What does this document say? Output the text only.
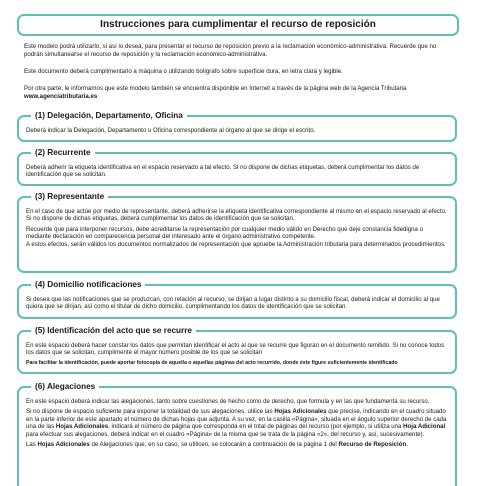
Instrucciones para cumplimentar el recurso de reposición

Este modelo podrá utilizarlo, si así lo desea, para presentar el recurso de reposición previo a la reclamación económico-administrativa. Recuerde que no podrán simultanearse el recurso de reposición y la reclamación económico-administrativa.

Este documento deberá cumplimentarlo a máquina o utilizando bolígrafo sobre superficie dura, en letra clara y legible.

Por otra parte, le informamos que este modelo también se encuentra disponible en Internet a través de la página web de la Agencia Tributaria www.agenciatributaria.es

(1) Delegación, Departamento, Oficina

Deberá indicar la Delegación, Departamento u Oficina correspondiente al órgano al que se dirige el escrito.

(2) Recurrente

Deberá adherir la etiqueta identificativa en el espacio reservado a tal efecto. Si no dispone de dichas etiquetas, deberá cumplimentar los datos de identificación que se solicitan.

(3) Representante

En el caso de que actúe por medio de representante, deberá adherirse la etiqueta identificativa correspondiente al mismo en el espacio reservado al efecto. Si no dispone de dichas etiquetas, deberá cumplimentar los datos de identificación que se solicitan.

Recuerde que para interponer recursos, debe acreditarse la representación por cualquier medio válido en Derecho que deje constancia fidedigna o mediante declaración en comparecencia personal del interesado ante el órgano administrativo competente.

A estos efectos, serán válidos los documentos normalizados de representación que apruebe la Administración tributaria para determinados procedimientos.

(4) Domicilio notificaciones

Si desea que las notificaciones que se produzcan, con relación al recurso, se dirijan a lugar distinto a su domicilio fiscal, deberá indicar el domicilio al que quiera que se dirijan, así como el titular de dicho domicilio, cumplimentando los datos de identificación que se solicitan.

(5) Identificación del acto que se recurre

En este espacio deberá hacer constar los datos que permitan identificar el acto al que se recurre que figuran en el documento remitido. Si no conoce todos los datos que se solicitan, cumplimente el mayor número posible de los que se solicitan

Para facilitar la identificación, puede aportar fotocopia de aquella o aquellas páginas del acto recurrido, donde éste figure suficientemente identificado

(6) Alegaciones

En este espacio deberá indicar las alegaciones, tanto sobre cuestiones de hecho como de derecho, que formula y en las que fundamenta su recurso.

Si no dispone de espacio suficiente para exponer la totalidad de sus alegaciones, utilice las Hojas Adicionales que precise, indicando en el cuadro situado en la parte inferior de este apartado el número de dichas hojas que adjunta. A su vez, en la casilla «Página», situada en el ángulo superior derecho de cada una de las Hojas Adicionales, indicará el número de página que corresponda en el total de páginas del recurso (por ejemplo, si utiliza una Hoja Adicional para efectuar sus alegaciones, deberá indicar en el cuadro «Página» de la misma que se trata de la página «2», del recurso y, así, sucesivamente).

Las Hojas Adicionales de Alegaciones que, en su caso, se utilicen, se colocarán a continuación de la página 1 del Recurso de Reposición.
